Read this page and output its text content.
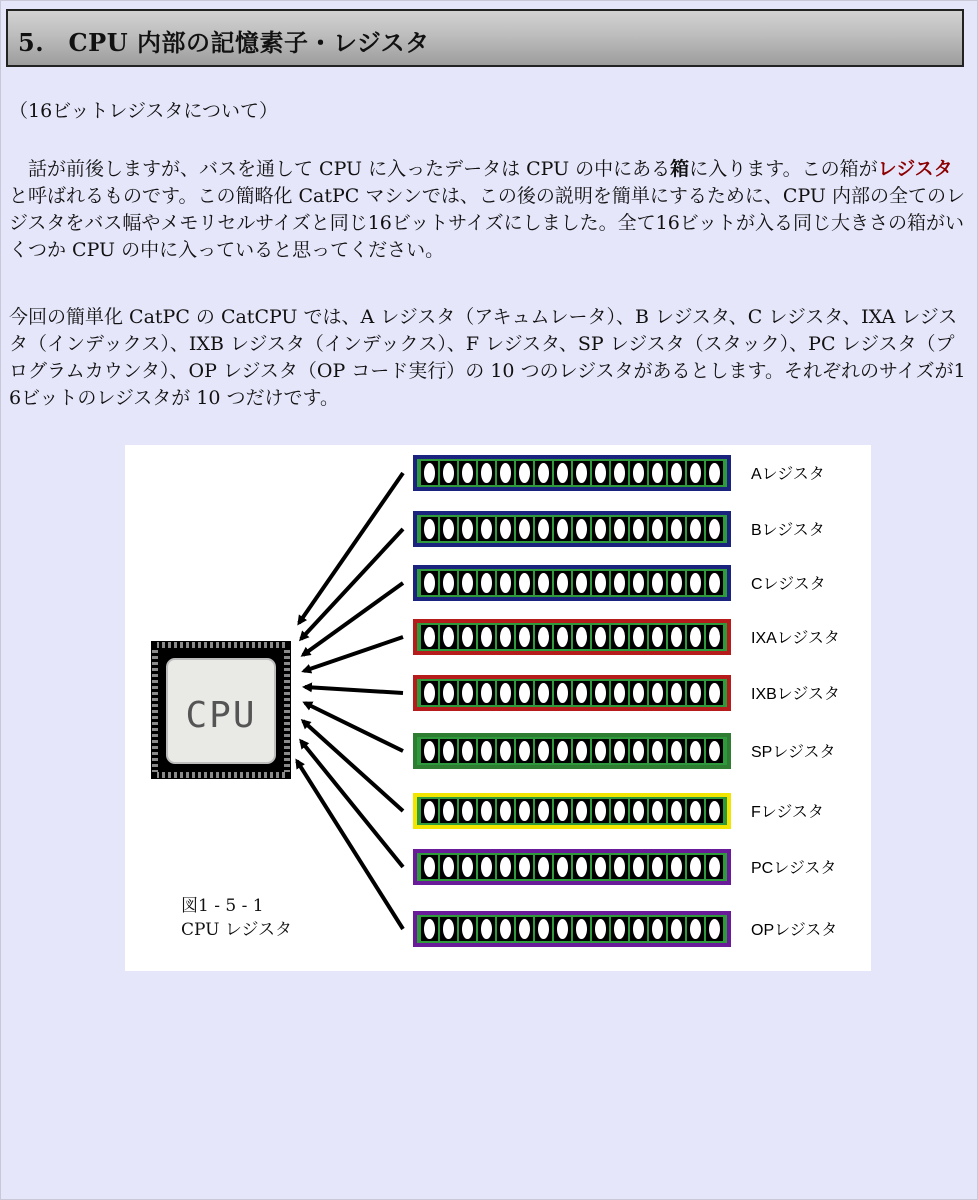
5.　CPU 内部の記憶素子・レジスタ
（16ビットレジスタについて）
　話が前後しますが、バスを通して CPU に入ったデータは CPU の中にある箱に入ります。この箱がレジスタと呼ばれるものです。この簡略化 CatPC マシンでは、この後の説明を簡単にするために、CPU 内部の全てのレジスタをバス幅やメモリセルサイズと同じ16ビットサイズにしました。全て16ビットが入る同じ大きさの箱がいくつか CPU の中に入っていると思ってください。
今回の簡単化 CatPC の CatCPU では、A レジスタ（アキュムレータ）、B レジスタ、C レジスタ、IXA レジスタ（インデックス）、IXB レジスタ（インデックス）、F レジスタ、SP レジスタ（スタック）、PC レジスタ（プログラムカウンタ）、OP レジスタ（OP コード実行）の 10 つのレジスタがあるとします。それぞれのサイズが16ビットのレジスタが 10 つだけです。
CPU
Aレジスタ
Bレジスタ
Cレジスタ
IXAレジスタ
IXBレジスタ
SPレジスタ
Fレジスタ
PCレジスタ
OPレジスタ
図1 - 5 - 1
CPU レジスタ
